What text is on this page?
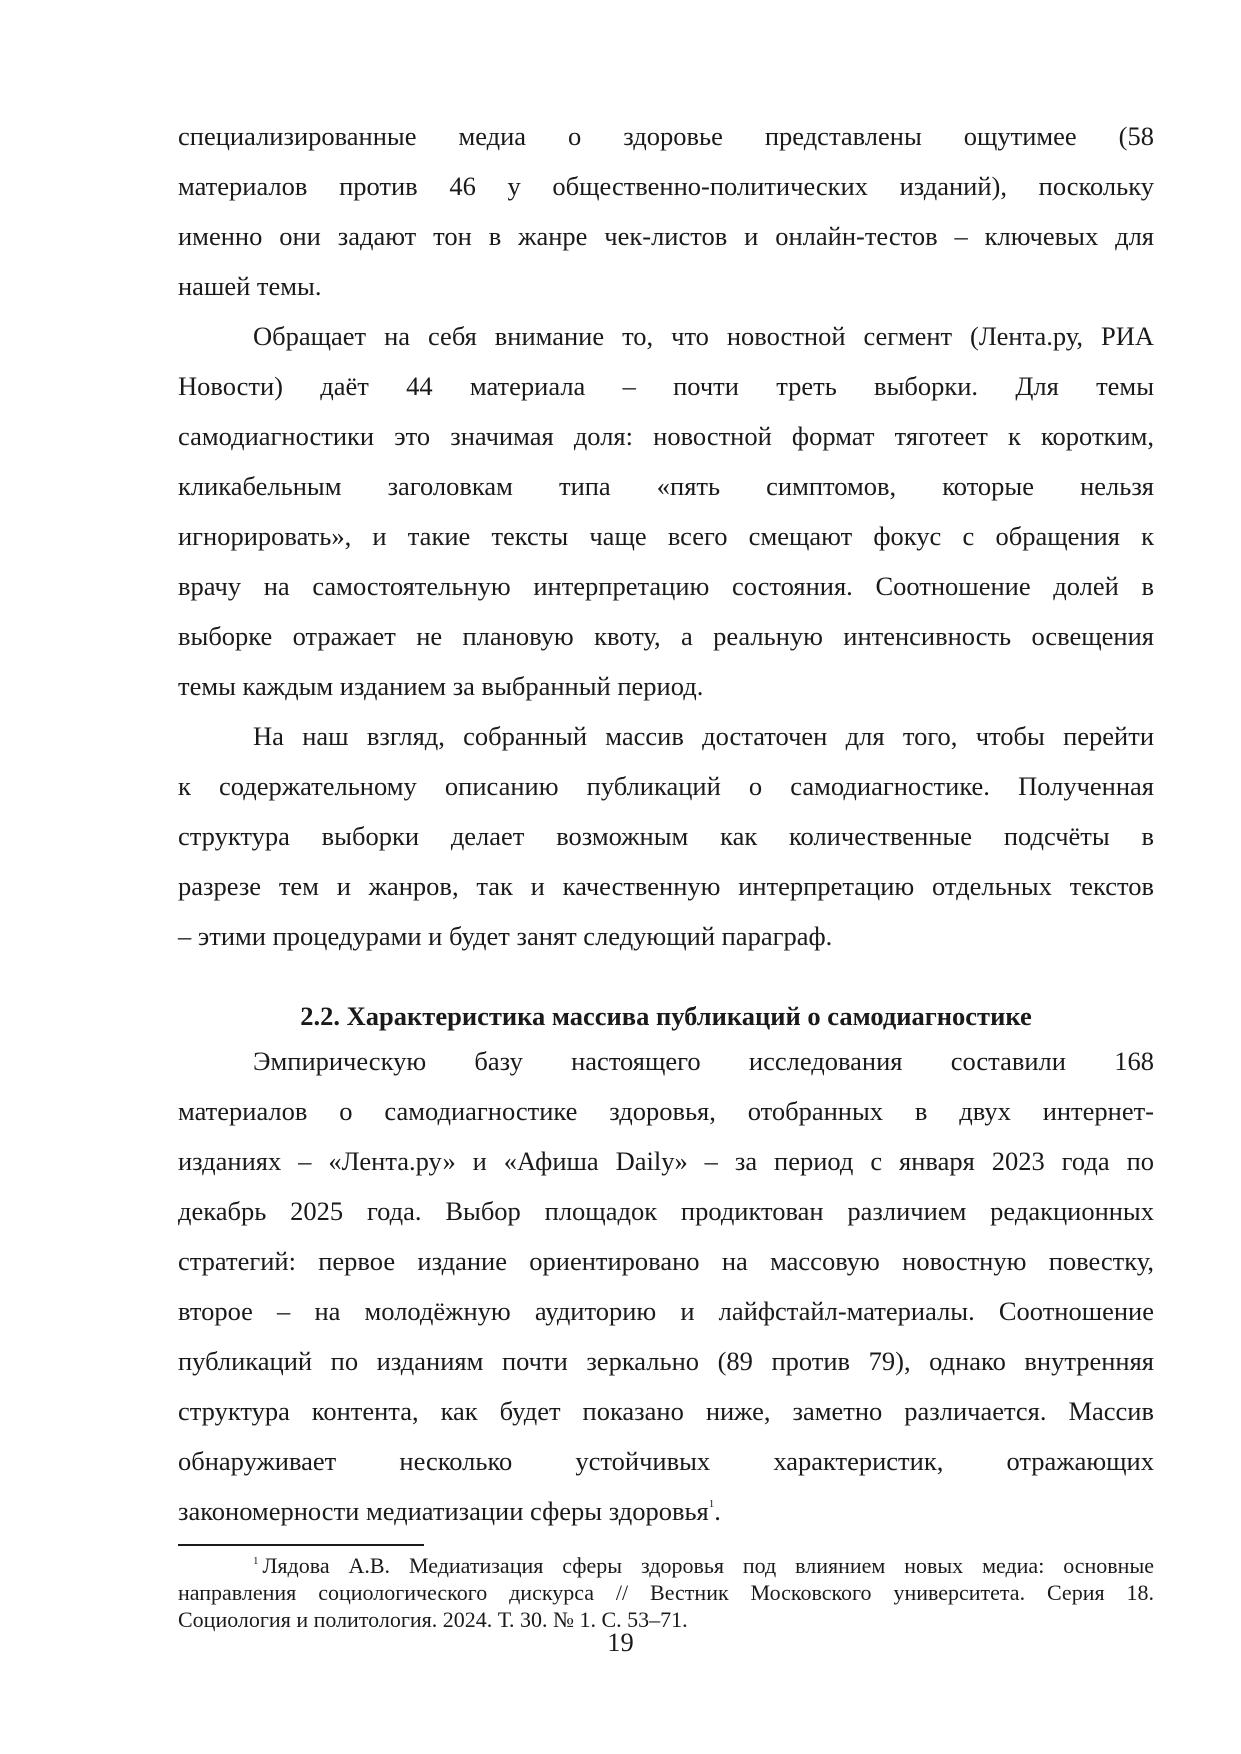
специализированные медиа о здоровье представлены ощутимее (58
материалов против 46 у общественно-политических изданий), поскольку
именно они задают тон в жанре чек-листов и онлайн-тестов – ключевых для
нашей темы.
Обращает на себя внимание то, что новостной сегмент (Лента.ру, РИА
Новости) даёт 44 материала – почти треть выборки. Для темы
самодиагностики это значимая доля: новостной формат тяготеет к коротким,
кликабельным заголовкам типа «пять симптомов, которые нельзя
игнорировать», и такие тексты чаще всего смещают фокус с обращения к
врачу на самостоятельную интерпретацию состояния. Соотношение долей в
выборке отражает не плановую квоту, а реальную интенсивность освещения
темы каждым изданием за выбранный период.
На наш взгляд, собранный массив достаточен для того, чтобы перейти
к содержательному описанию публикаций о самодиагностике. Полученная
структура выборки делает возможным как количественные подсчёты в
разрезе тем и жанров, так и качественную интерпретацию отдельных текстов
– этими процедурами и будет занят следующий параграф.
2.2. Характеристика массива публикаций о самодиагностике
Эмпирическую базу настоящего исследования составили 168
материалов о самодиагностике здоровья, отобранных в двух интернет-
изданиях – «Лента.ру» и «Афиша Daily» – за период с января 2023 года по
декабрь 2025 года. Выбор площадок продиктован различием редакционных
стратегий: первое издание ориентировано на массовую новостную повестку,
второе – на молодёжную аудиторию и лайфстайл-материалы. Соотношение
публикаций по изданиям почти зеркально (89 против 79), однако внутренняя
структура контента, как будет показано ниже, заметно различается. Массив
обнаруживает несколько устойчивых характеристик, отражающих
закономерности медиатизации сферы здоровья$^1$.
$^1$ Лядова А.В. Медиатизация сферы здоровья под влиянием новых медиа: основные
направления социологического дискурса // Вестник Московского университета. Серия 18.
Социология и политология. 2024. Т. 30. № 1. С. 53–71.
19
